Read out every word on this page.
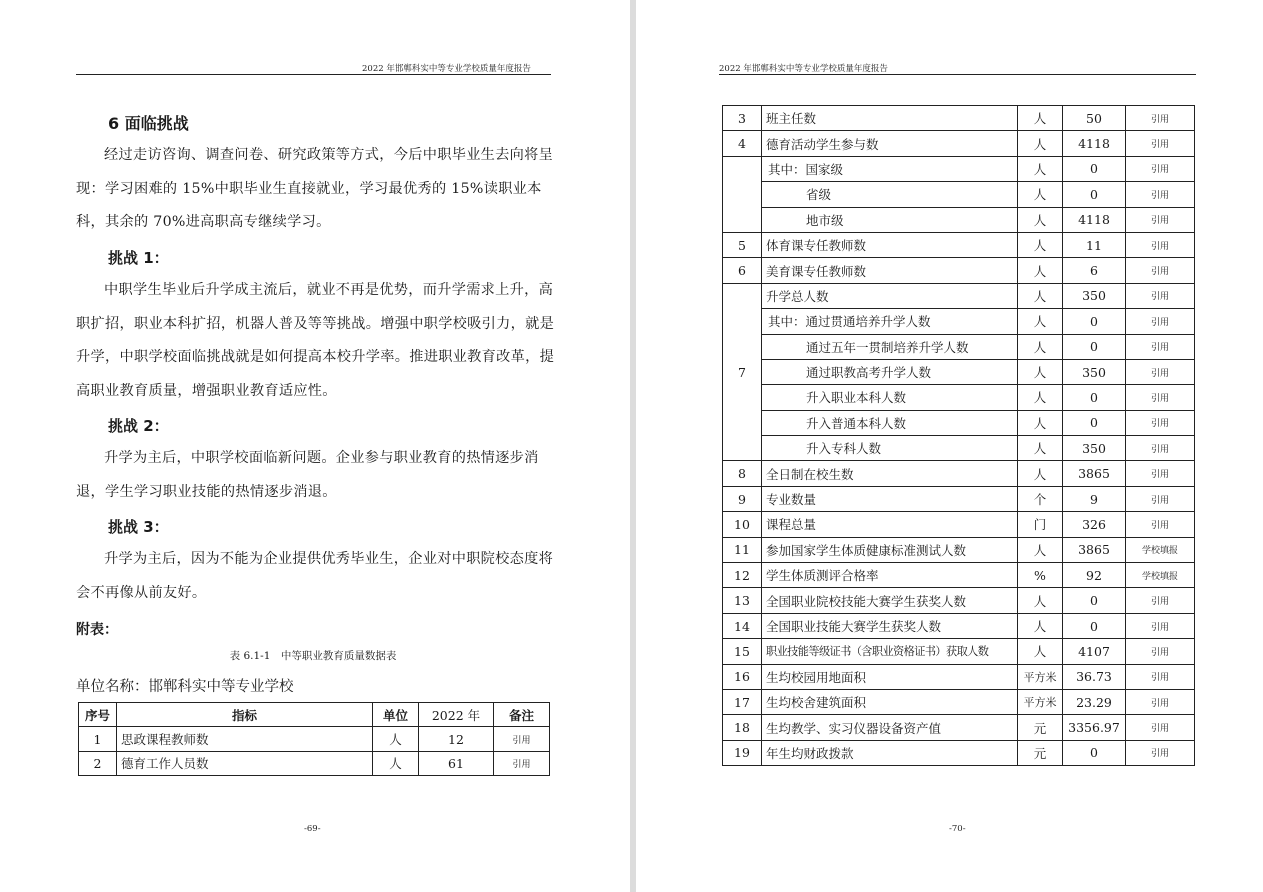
2022 年邯郸科实中等专业学校质量年度报告
6 面临挑战
经过走访咨询、调查问卷、研究政策等方式，今后中职毕业生去向将呈现：学习困难的 15%中职毕业生直接就业，学习最优秀的 15%读职业本科，其余的 70%进高职高专继续学习。
挑战 1：
中职学生毕业后升学成主流后，就业不再是优势，而升学需求上升，高职扩招，职业本科扩招，机器人普及等等挑战。增强中职学校吸引力，就是升学，中职学校面临挑战就是如何提高本校升学率。推进职业教育改革，提高职业教育质量，增强职业教育适应性。
挑战 2：
升学为主后，中职学校面临新问题。企业参与职业教育的热情逐步消退，学生学习职业技能的热情逐步消退。
挑战 3：
升学为主后，因为不能为企业提供优秀毕业生，企业对中职院校态度将会不再像从前友好。
附表：
表 6.1-1　中等职业教育质量数据表
单位名称：邯郸科实中等专业学校
序号	指标	单位	2022 年	备注
1	思政课程教师数	人	12	引用
2	德育工作人员数	人	61	引用
-69-
2022 年邯郸科实中等专业学校质量年度报告
-70-
3	班主任数	人	50	引用
4	德育活动学生参与数	人	4118	引用
	其中：国家级	人	0	引用
	省级	人	0	引用
	地市级	人	4118	引用
5	体育课专任教师数	人	11	引用
6	美育课专任教师数	人	6	引用
7	升学总人数	人	350	引用
	其中：通过贯通培养升学人数	人	0	引用
	通过五年一贯制培养升学人数	人	0	引用
	通过职教高考升学人数	人	350	引用
	升入职业本科人数	人	0	引用
	升入普通本科人数	人	0	引用
	升入专科人数	人	350	引用
8	全日制在校生数	人	3865	引用
9	专业数量	个	9	引用
10	课程总量	门	326	引用
11	参加国家学生体质健康标准测试人数	人	3865	学校填报
12	学生体质测评合格率	%	92	学校填报
13	全国职业院校技能大赛学生获奖人数	人	0	引用
14	全国职业技能大赛学生获奖人数	人	0	引用
15	职业技能等级证书（含职业资格证书）获取人数	人	4107	引用
16	生均校园用地面积	平方米	36.73	引用
17	生均校舍建筑面积	平方米	23.29	引用
18	生均教学、实习仪器设备资产值	元	3356.97	引用
19	年生均财政拨款	元	0	引用
